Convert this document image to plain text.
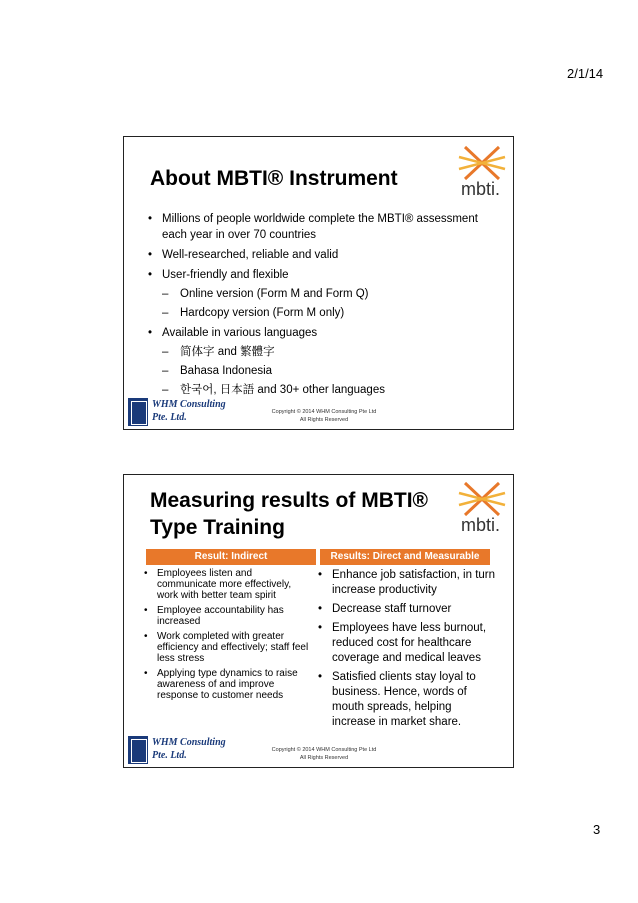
2/1/14
About MBTI® Instrument	mbti.
• Millions of people worldwide complete the MBTI® assessment each year in over 70 countries
• Well-researched, reliable and valid
• User-friendly and flexible
– Online version (Form M and Form Q)
– Hardcopy version (Form M only)
• Available in various languages
– 简体字 and 繁體字
– Bahasa Indonesia
– 한국어, 日本語 and 30+ other languages
WHM Consulting
Pte. Ltd.	Copyright © 2014 WHM Consulting Pte Ltd
All Rights Reserved
Measuring results of MBTI® Type Training	mbti.
Result: Indirect	Results: Direct and Measurable
• Employees listen and communicate more effectively, work with better team spirit
• Employee accountability has increased
• Work completed with greater efficiency and effectively; staff feel less stress
• Applying type dynamics to raise awareness of and improve response to customer needs
• Enhance job satisfaction, in turn increase productivity
• Decrease staff turnover
• Employees have less burnout, reduced cost for healthcare coverage and medical leaves
• Satisfied clients stay loyal to business. Hence, words of mouth spreads, helping increase in market share.
WHM Consulting
Pte. Ltd.	Copyright © 2014 WHM Consulting Pte Ltd
All Rights Reserved
3
